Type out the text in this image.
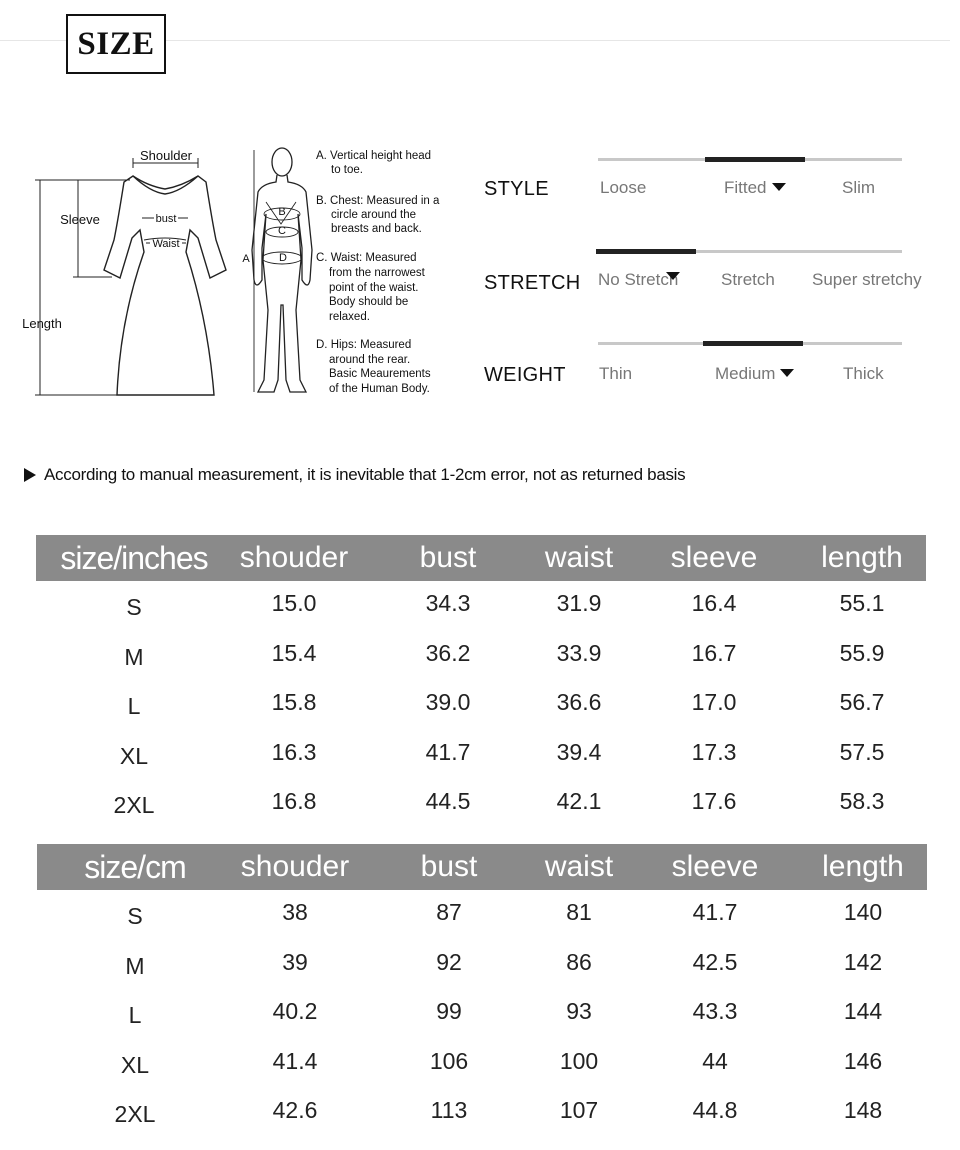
SIZE
Shoulder
Sleeve	bust
Waist
Length
B
C
D
A
A. Vertical height head
to toe.
B. Chest: Measured in a
circle around the
breasts and back.
C. Waist: Measured
from the narrowest
point of the waist.
Body should be
relaxed.
D. Hips: Measured
around the rear.
Basic Meaurements
of the Human Body.
STYLE	Loose	Fitted	Slim
STRETCH No Stretch	Stretch Super stretchy
WEIGHT Thin	Medium	Thick
According to manual measurement, it is inevitable that 1-2cm error, not as returned basis
size/inches shouder bust waist sleeve length
S	15.0	34.3	31.9	16.4	55.1
M	15.4	36.2	33.9	16.7	55.9
L	15.8	39.0	36.6	17.0	56.7
XL	16.3	41.7	39.4	17.3	57.5
2XL	16.8	44.5	42.1	17.6	58.3
size/cm shouder bust waist sleeve length
S	38	87	81	41.7	140
M	39	92	86	42.5	142
L	40.2	99	93	43.3	144
XL	41.4	106	100	44	146
2XL	42.6	113	107	44.8	148
